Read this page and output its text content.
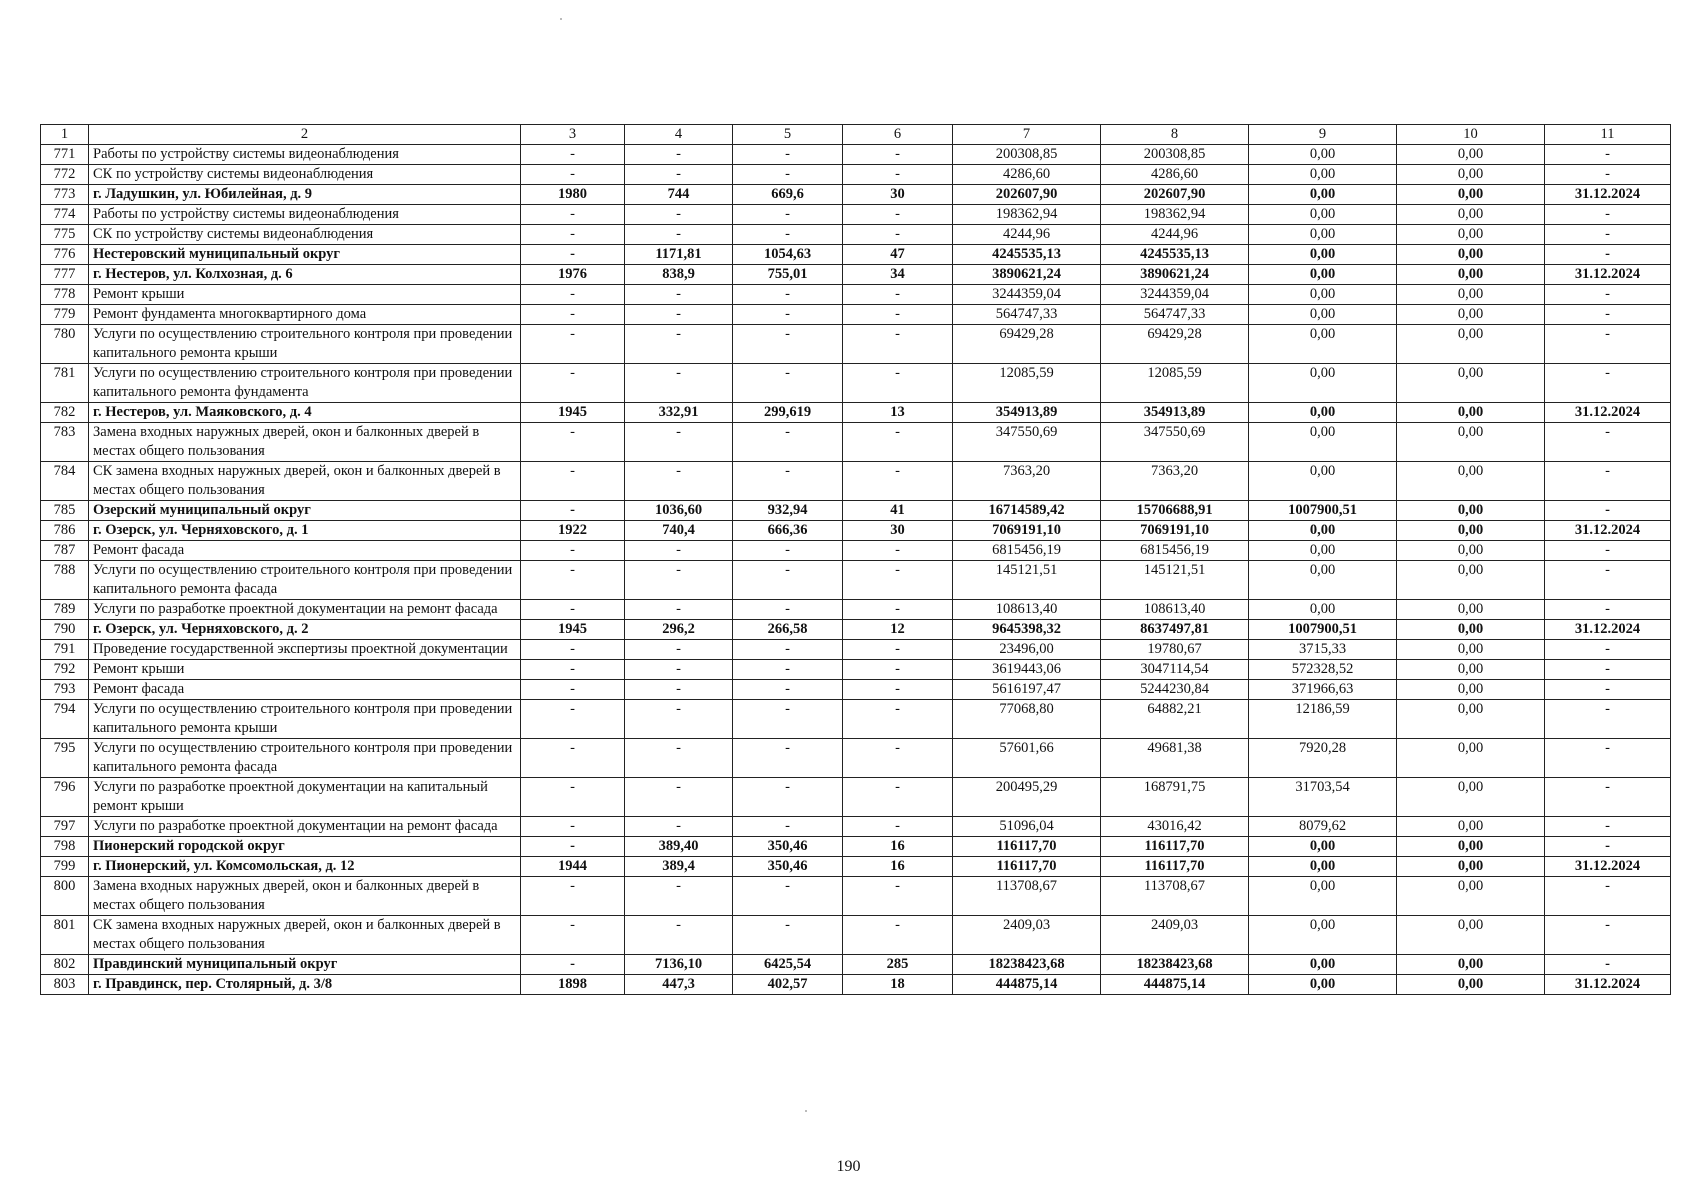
1	2	3	4	5	6	7	8	9	10	11
771	Работы по устройству системы видеонаблюдения	-	-	-	-	200308,85	200308,85	0,00	0,00	-
772	СК по устройству системы видеонаблюдения	-	-	-	-	4286,60	4286,60	0,00	0,00	-
773	г. Ладушкин, ул. Юбилейная, д. 9	1980	744	669,6	30	202607,90	202607,90	0,00	0,00	31.12.2024
774	Работы по устройству системы видеонаблюдения	-	-	-	-	198362,94	198362,94	0,00	0,00	-
775	СК по устройству системы видеонаблюдения	-	-	-	-	4244,96	4244,96	0,00	0,00	-
776	Нестеровский муниципальный округ	-	1171,81	1054,63	47	4245535,13	4245535,13	0,00	0,00	-
777	г. Нестеров, ул. Колхозная, д. 6	1976	838,9	755,01	34	3890621,24	3890621,24	0,00	0,00	31.12.2024
778	Ремонт крыши	-	-	-	-	3244359,04	3244359,04	0,00	0,00	-
779	Ремонт фундамента многоквартирного дома	-	-	-	-	564747,33	564747,33	0,00	0,00	-
780	Услуги по осуществлению строительного контроля при проведении капитального ремонта крыши	-	-	-	-	69429,28	69429,28	0,00	0,00	-
781	Услуги по осуществлению строительного контроля при проведении капитального ремонта фундамента	-	-	-	-	12085,59	12085,59	0,00	0,00	-
782	г. Нестеров, ул. Маяковского, д. 4	1945	332,91	299,619	13	354913,89	354913,89	0,00	0,00	31.12.2024
783	Замена входных наружных дверей, окон и балконных дверей в местах общего пользования	-	-	-	-	347550,69	347550,69	0,00	0,00	-
784	СК замена входных наружных дверей, окон и балконных дверей в местах общего пользования	-	-	-	-	7363,20	7363,20	0,00	0,00	-
785	Озерский муниципальный округ	-	1036,60	932,94	41	16714589,42	15706688,91	1007900,51	0,00	-
786	г. Озерск, ул. Черняховского, д. 1	1922	740,4	666,36	30	7069191,10	7069191,10	0,00	0,00	31.12.2024
787	Ремонт фасада	-	-	-	-	6815456,19	6815456,19	0,00	0,00	-
788	Услуги по осуществлению строительного контроля при проведении капитального ремонта фасада	-	-	-	-	145121,51	145121,51	0,00	0,00	-
789	Услуги по разработке проектной документации на ремонт фасада	-	-	-	-	108613,40	108613,40	0,00	0,00	-
790	г. Озерск, ул. Черняховского, д. 2	1945	296,2	266,58	12	9645398,32	8637497,81	1007900,51	0,00	31.12.2024
791	Проведение государственной экспертизы проектной документации	-	-	-	-	23496,00	19780,67	3715,33	0,00	-
792	Ремонт крыши	-	-	-	-	3619443,06	3047114,54	572328,52	0,00	-
793	Ремонт фасада	-	-	-	-	5616197,47	5244230,84	371966,63	0,00	-
794	Услуги по осуществлению строительного контроля при проведении капитального ремонта крыши	-	-	-	-	77068,80	64882,21	12186,59	0,00	-
795	Услуги по осуществлению строительного контроля при проведении капитального ремонта фасада	-	-	-	-	57601,66	49681,38	7920,28	0,00	-
796	Услуги по разработке проектной документации на капитальный ремонт крыши	-	-	-	-	200495,29	168791,75	31703,54	0,00	-
797	Услуги по разработке проектной документации на ремонт фасада	-	-	-	-	51096,04	43016,42	8079,62	0,00	-
798	Пионерский городской округ	-	389,40	350,46	16	116117,70	116117,70	0,00	0,00	-
799	г. Пионерский, ул. Комсомольская, д. 12	1944	389,4	350,46	16	116117,70	116117,70	0,00	0,00	31.12.2024
800	Замена входных наружных дверей, окон и балконных дверей в местах общего пользования	-	-	-	-	113708,67	113708,67	0,00	0,00	-
801	СК замена входных наружных дверей, окон и балконных дверей в местах общего пользования	-	-	-	-	2409,03	2409,03	0,00	0,00	-
802	Правдинский муниципальный округ	-	7136,10	6425,54	285	18238423,68	18238423,68	0,00	0,00	-
803	г. Правдинск, пер. Столярный, д. 3/8	1898	447,3	402,57	18	444875,14	444875,14	0,00	0,00	31.12.2024
190
